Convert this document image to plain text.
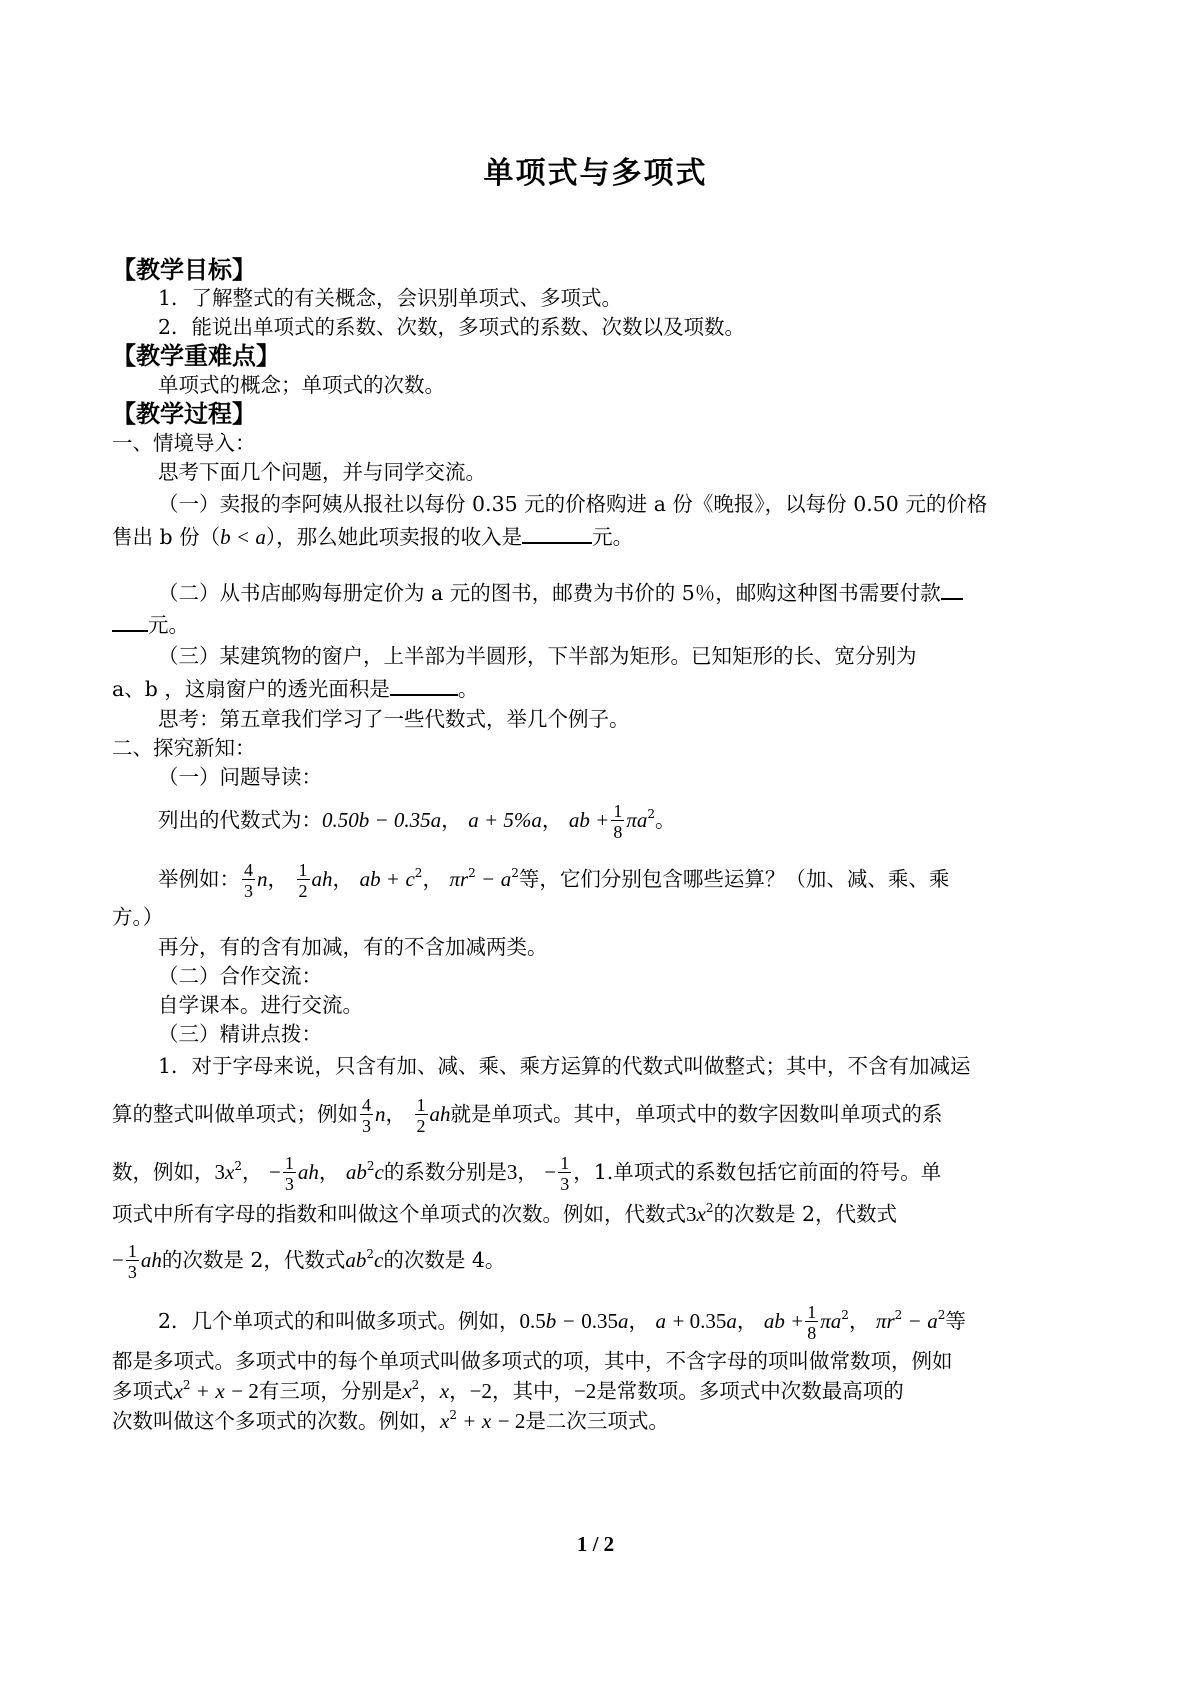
单项式与多项式
【教学目标】
1．了解整式的有关概念，会识别单项式、多项式。
2．能说出单项式的系数、次数，多项式的系数、次数以及项数。
【教学重难点】
单项式的概念；单项式的次数。
【教学过程】
一、情境导入：
思考下面几个问题，并与同学交流。
（一）卖报的李阿姨从报社以每份 0.35 元的价格购进 a 份《晚报》，以每份 0.50 元的价格
售出 b 份（b < a），那么她此项卖报的收入是	元。
（二）从书店邮购每册定价为 a 元的图书，邮费为书价的 5％，邮购这种图书需要付款
元。
（三）某建筑物的窗户，上半部为半圆形，下半部为矩形。已知矩形的长、宽分别为
a、b ，这扇窗户的透光面积是	。
思考：第五章我们学习了一些代数式，举几个例子。
二、探究新知：
（一）问题导读：
列出的代数式为：0.50b − 0.35a， a + 5%a， ab + $\frac{1}{8} \pi a^2$。
举例如： $\frac{4}{3}$ n， $\frac{1}{2}$ ah， ab + $c^2$， $\pi r^2 - a^2$等，它们分别包含哪些运算？（加、减、乘、乘
方。）
再分，有的含有加减，有的不含加减两类。
（二）合作交流：
自学课本。进行交流。
（三）精讲点拨：
1．对于字母来说，只含有加、减、乘、乘方运算的代数式叫做整式；其中，不含有加减运
算的整式叫做单项式；例如 $\frac{4}{3}$ n， $\frac{1}{2}$ ah就是单项式。其中，单项式中的数字因数叫单项式的系
数，例如，$3x^2$， − $\frac{1}{3}$ ah， $ab^2c$的系数分别是3， − $\frac{1}{3}$ ，1.单项式的系数包括它前面的符号。单
项式中所有字母的指数和叫做这个单项式的次数。例如，代数式$3x^2$的次数是 2，代数式
− $\frac{1}{3}$ ah的次数是 2，代数式$ab^2c$的次数是 4。
2．几个单项式的和叫做多项式。例如，0.5b − 0.35a， a + 0.35a， ab + $\frac{1}{8} \pi a^2$， $\pi r^2 - a^2$等
都是多项式。多项式中的每个单项式叫做多项式的项，其中，不含字母的项叫做常数项，例如
多项式$x^2 + x - 2$有三项，分别是$x^2$，x，−2，其中，−2是常数项。多项式中次数最高项的
次数叫做这个多项式的次数。例如，$x^2 + x - 2$是二次三项式。
1 / 2
